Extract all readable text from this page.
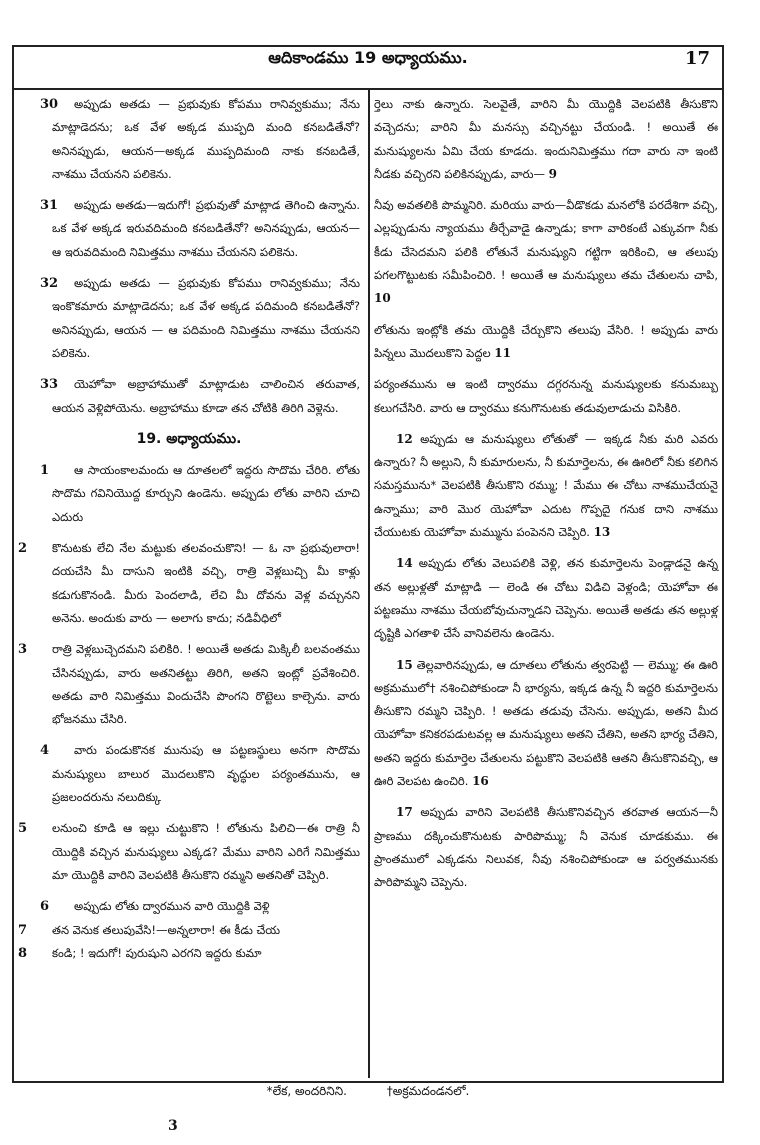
ఆదికాండము 19 అధ్యాయము.	17
30 అప్పుడు అతడు — ప్రభువుకు కోపము రానివ్వకుము; నేను మాట్లాడెదను; ఒక వేళ అక్కడ ముప్పది మంది కనబడితేనో? అనినప్పుడు, ఆయన—అక్కడ ముప్పదిమంది నాకు కనబడితే, నాశము చేయనని పలికెను.
31 అప్పుడు అతడు—ఇదుగో! ప్రభువుతో మాట్లాడ తెగించి ఉన్నాను. ఒక వేళ అక్కడ ఇరువదిమంది కనబడితేనో? అనినప్పుడు, ఆయన—ఆ ఇరువదిమంది నిమిత్తము నాశము చేయనని పలికెను.
32 అప్పుడు అతడు — ప్రభువుకు కోపము రానివ్వకుము; నేను ఇంకొకమారు మాట్లాడెదను; ఒక వేళ అక్కడ పదిమంది కనబడితేనో? అనినప్పుడు, ఆయన — ఆ పదిమంది నిమిత్తము నాశము చేయనని పలికెను.
33 యెహోవా అబ్రాహాముతో మాట్లాడుట చాలించిన తరువాత, ఆయన వెళ్లిపోయెను. అబ్రాహాము కూడా తన చోటికి తిరిగి వెళ్లెను.
19. అధ్యాయము.
1 ఆ సాయంకాలమందు ఆ దూతలలో ఇద్దరు సొదొమ చేరిరి. లోతు సొదొమ గవినియొద్ద కూర్చుని ఉండెను. అప్పుడు లోతు వారిని చూచి ఎదురు
2 కొనుటకు లేచి నేల మట్టుకు తలవంచుకొని! — ఓ నా ప్రభువులారా! దయచేసి మీ దాసుని ఇంటికి వచ్చి, రాత్రి వెళ్లబుచ్చి మీ కాళ్లు కడుగుకొనండి. మీరు పెందలాడి, లేచి మీ దోవను వెళ్ల వచ్చునని అనెను. అందుకు వారు — అలాగు కాదు; నడివీధిలో
3 రాత్రి వెళ్లబుచ్చెదమని పలికిరి. ! అయితే అతడు మిక్కిలీ బలవంతము చేసినప్పుడు, వారు అతనితట్టు తిరిగి, అతని ఇంట్లో ప్రవేశించిరి. అతడు వారి నిమిత్తము విందుచేసి పొంగని రొట్టెలు కాల్చెను. వారు భోజనము చేసిరి.
4 వారు పండుకొనక మునుపు ఆ పట్టణస్థులు అనగా సొదొమ మనుష్యులు బాలుర మొదలుకొని వృద్ధుల పర్యంతమును, ఆ ప్రజలందరును నలుదిక్కు
5 లనుంచి కూడి ఆ ఇల్లు చుట్టుకొని ! లోతును పిలిచి—ఈ రాత్రి నీ యొద్దికి వచ్చిన మనుష్యులు ఎక్కడ? మేము వారిని ఎరిగే నిమిత్తము మా యొద్దికి వారిని వెలపటికి తీసుకొని రమ్మని అతనితో చెప్పిరి.
6 అప్పుడు లోతు ద్వారమున వారి యొద్దికి వెళ్లి
7 తన వెనుక తలుపువేసి!—అన్నలారా! ఈ కీడు చేయ
8 కండి; ! ఇదుగో! పురుషుని ఎరగని ఇద్దరు కుమా
ర్తెలు నాకు ఉన్నారు. సెలవైతే, వారిని మీ యొద్దికి వెలపటికి తీసుకొని వచ్చెదను; వారిని మీ మనస్సు వచ్చినట్టు చేయండి. ! అయితే ఈ మనుష్యులను ఏమి చేయ కూడదు. ఇందునిమిత్తము గదా వారు నా ఇంటి నీడకు వచ్చిరని పలికినప్పుడు, వారు— 9
నీవు అవతలికి పొమ్మనిరి. మరియు వారు—వీడొకడు మనలోకి పరదేశిగా వచ్చి, ఎల్లప్పుడును న్యాయము తీర్చేవాడై ఉన్నాడు; కాగా వారికంటే ఎక్కువగా నీకు కీడు చేసెదమని పలికి లోతునే మనుష్యుని గట్టిగా ఇరికించి, ఆ తలుపు పగలగొట్టుటకు సమీపించిరి. ! అయితే ఆ మనుష్యులు తమ చేతులను చాపి, 10
లోతును ఇంట్లోకి తమ యొద్దికి చేర్చుకొని తలుపు వేసిరి. ! అప్పుడు వారు పిన్నలు మొదలుకొని పెద్దల 11
పర్యంతమును ఆ ఇంటి ద్వారము దగ్గరనున్న మనుష్యులకు కనుమబ్బు కలుగచేసిరి. వారు ఆ ద్వారము కనుగొనుటకు తడువులాడుచు విసికిరి.
12 అప్పుడు ఆ మనుష్యులు లోతుతో — ఇక్కడ నీకు మరి ఎవరు ఉన్నారు? నీ అల్లుని, నీ కుమారులను, నీ కుమార్తెలను, ఈ ఊరిలో నీకు కలిగిన సమస్తమును* వెలపటికి తీసుకొని రమ్ము; ! మేము ఈ చోటు నాశముచేయనై ఉన్నాము; వారి మొర యెహోవా ఎదుట గొప్పదై గనుక దాని నాశము చేయుటకు యెహోవా మమ్మును పంపెనని చెప్పిరి. 13
14 అప్పుడు లోతు వెలుపలికి వెళ్లి, తన కుమార్తెలను పెండ్లాడనై ఉన్న తన అల్లుళ్లతో మాట్లాడి — లెండి ఈ చోటు విడిచి వెళ్లండి; యెహోవా ఈ పట్టణము నాశము చేయబోవుచున్నాడని చెప్పెను. అయితే అతడు తన అల్లుళ్ల దృష్టికి ఎగతాళి చేసే వానివలెను ఉండెను.
15 తెల్లవారినప్పుడు, ఆ దూతలు లోతును త్వరపెట్టి — లెమ్ము; ఈ ఊరి అక్రమములో† నశించిపోకుండా నీ భార్యను, ఇక్కడ ఉన్న నీ ఇద్దరి కుమార్తెలను తీసుకొని రమ్మని చెప్పిరి. ! అతడు తడువు చేసెను. అప్పుడు, అతని మీద యెహోవా కనికరపడుటవల్ల ఆ మనుష్యులు అతని చేతిని, అతని భార్య చేతిని, అతని ఇద్దరు కుమార్తెల చేతులను పట్టుకొని వెలపటికి ఆతని తీసుకొనివచ్చి, ఆ ఊరి వెలపట ఉంచిరి. 16
17 అప్పుడు వారిని వెలపటికి తీసుకొనివచ్చిన తరవాత ఆయన—నీ ప్రాణము దక్కించుకొనుటకు పారిపొమ్ము; నీ వెనుక చూడకుము. ఈ ప్రాంతములో ఎక్కడను నిలువక, నీవు నశించిపోకుండా ఆ పర్వతమునకు పారిపొమ్మని చెప్పెను.
*లేక, అందరినిని.	†అక్రమదండనలో.
3
